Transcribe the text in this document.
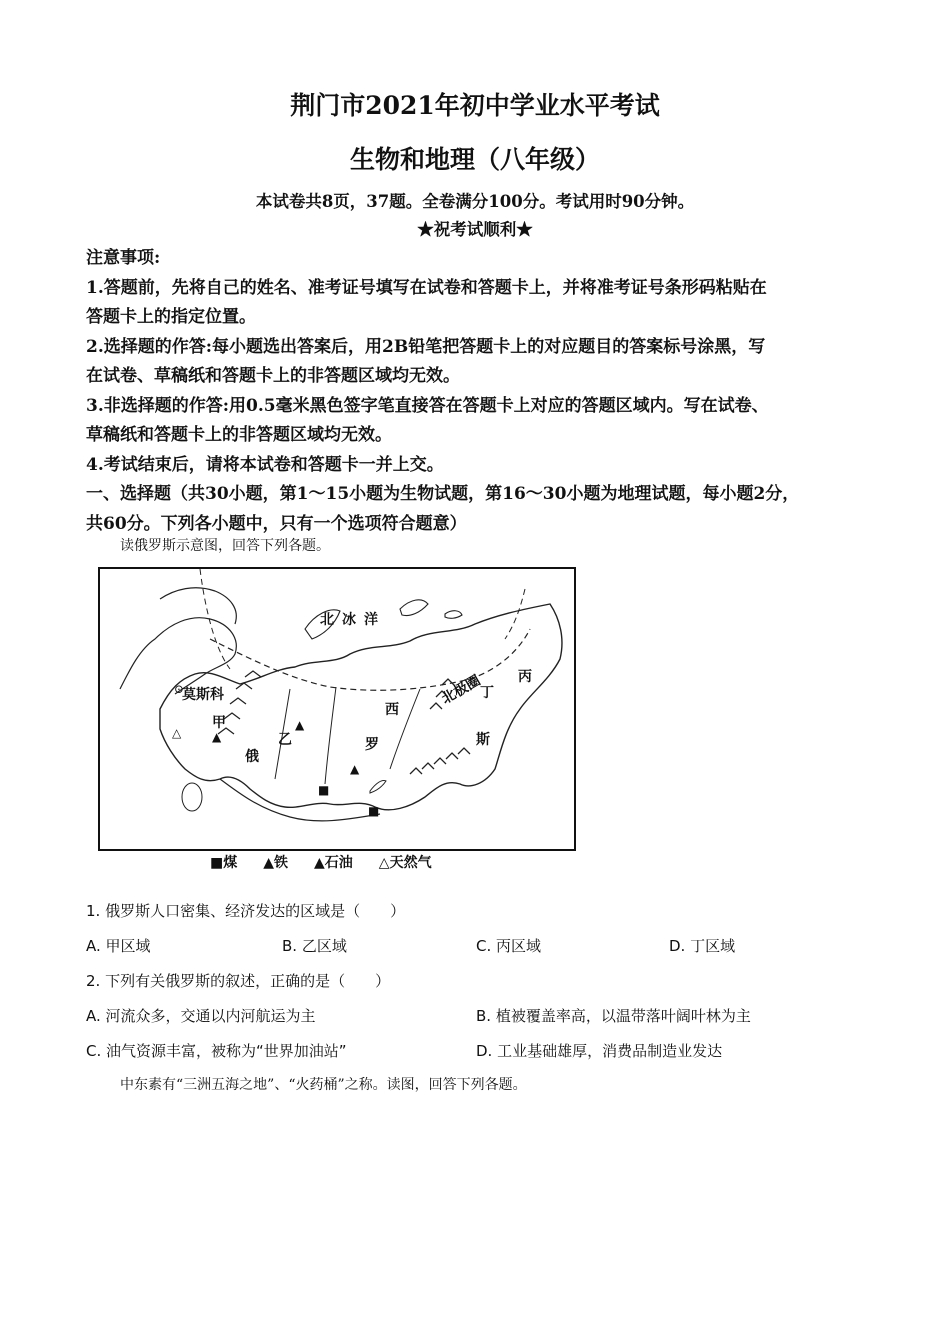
荆门市2021年初中学业水平考试
生物和地理（八年级）
本试卷共8页，37题。全卷满分100分。考试用时90分钟。
★祝考试顺利★

注意事项:

1.答题前，先将自己的姓名、准考证号填写在试卷和答题卡上，并将准考证号条形码粘贴在

答题卡上的指定位置。

2.选择题的作答:每小题选出答案后，用2B铅笔把答题卡上的对应题目的答案标号涂黑，写

在试卷、草稿纸和答题卡上的非答题区域均无效。

3.非选择题的作答:用0.5毫米黑色签字笔直接答在答题卡上对应的答题区域内。写在试卷、

草稿纸和答题卡上的非答题区域均无效。

4.考试结束后，请将本试卷和答题卡一并上交。

一、选择题（共30小题，第1～15小题为生物试题，第16～30小题为地理试题，每小题2分，

共60分。下列各小题中，只有一个选项符合题意）

读俄罗斯示意图，回答下列各题。
⊙
△	▲
▲
▲
■
■
北冰洋
北极圈
莫斯科
甲
乙
丙
丁
西
俄
罗	斯
■煤 ▲铁 ▲石油 △天然气
1. 俄罗斯人口密集、经济发达的区域是（　　）
A. 甲区域	B. 乙区域	C. 丙区域	D. 丁区域
2. 下列有关俄罗斯的叙述，正确的是（　　）
A. 河流众多，交通以内河航运为主	B. 植被覆盖率高，以温带落叶阔叶林为主
C. 油气资源丰富，被称为“世界加油站”	D. 工业基础雄厚，消费品制造业发达
中东素有“三洲五海之地”、“火药桶”之称。读图，回答下列各题。
